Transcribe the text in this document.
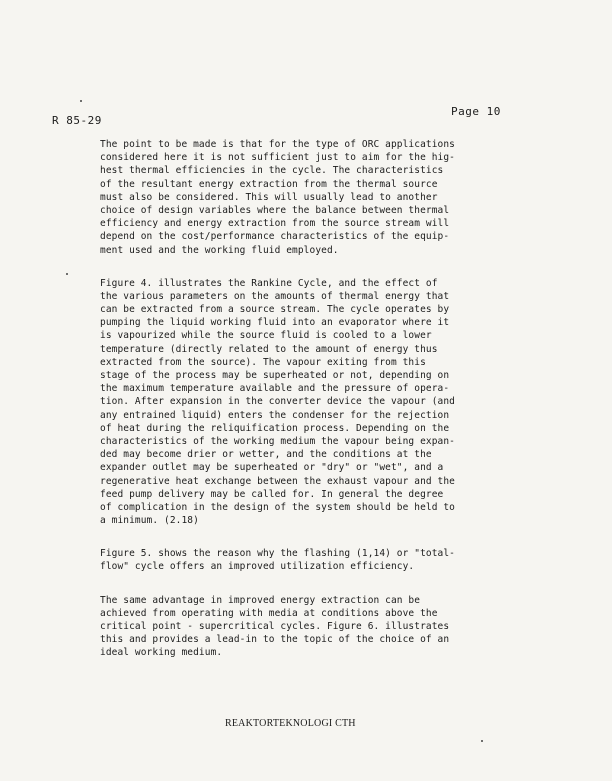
R 85-29
Page 10
The point to be made is that for the type of ORC applications
considered here it is not sufficient just to aim for the hig-
hest thermal efficiencies in the cycle. The characteristics
of the resultant energy extraction from the thermal source
must also be considered. This will usually lead to another
choice of design variables where the balance between thermal
efficiency and energy extraction from the source stream will
depend on the cost/performance characteristics of the equip-
ment used and the working fluid employed.
Figure 4. illustrates the Rankine Cycle, and the effect of
the various parameters on the amounts of thermal energy that
can be extracted from a source stream. The cycle operates by
pumping the liquid working fluid into an evaporator where it
is vapourized while the source fluid is cooled to a lower
temperature (directly related to the amount of energy thus
extracted from the source). The vapour exiting from this
stage of the process may be superheated or not, depending on
the maximum temperature available and the pressure of opera-
tion. After expansion in the converter device the vapour (and
any entrained liquid) enters the condenser for the rejection
of heat during the reliquification process. Depending on the
characteristics of the working medium the vapour being expan-
ded may become drier or wetter, and the conditions at the
expander outlet may be superheated or "dry" or "wet", and a
regenerative heat exchange between the exhaust vapour and the
feed pump delivery may be called for. In general the degree
of complication in the design of the system should be held to
a minimum. (2.18)
Figure 5. shows the reason why the flashing (1,14) or "total-
flow" cycle offers an improved utilization efficiency.
The same advantage in improved energy extraction can be
achieved from operating with media at conditions above the
critical point - supercritical cycles. Figure 6. illustrates
this and provides a lead-in to the topic of the choice of an
ideal working medium.
REAKTORTEKNOLOGI CTH
